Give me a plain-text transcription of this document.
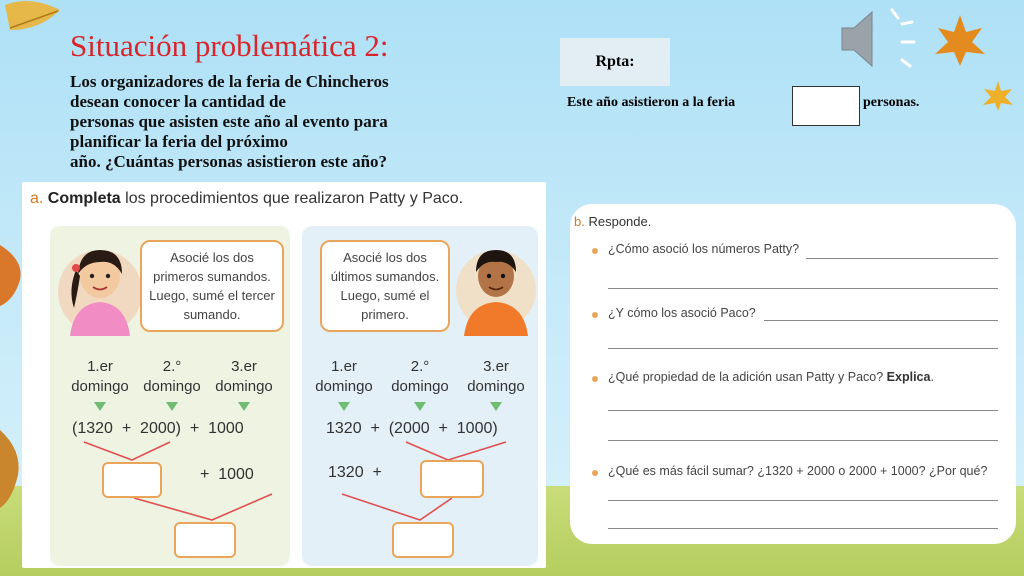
Situación problemática 2:
Los organizadores de la feria de Chincheros
desean conocer la cantidad de
personas que asisten este año al evento para
planificar la feria del próximo
año. ¿Cuántas personas asistieron este año?
Rpta:
Este año asistieron a la feria	personas.
a. Completa los procedimientos que realizaron Patty y Paco.
Asocié los dos
primeros sumandos.
Luego, sumé el tercer
sumando.
Asocié los dos
últimos sumandos.
Luego, sumé el
primero.
1.er	2.°	3.er
domingo domingo domingo
(1320  +  2000)  +  1000
1.er	2.°	3.er
domingo	domingo	domingo
1320  +  (2000  +  1000)
+  1000	1320  +
b. Responde.
¿Cómo asoció los números Patty?
¿Y cómo los asoció Paco?
¿Qué propiedad de la adición usan Patty y Paco? Explica.
¿Qué es más fácil sumar? ¿1320 + 2000 o 2000 + 1000? ¿Por qué?
